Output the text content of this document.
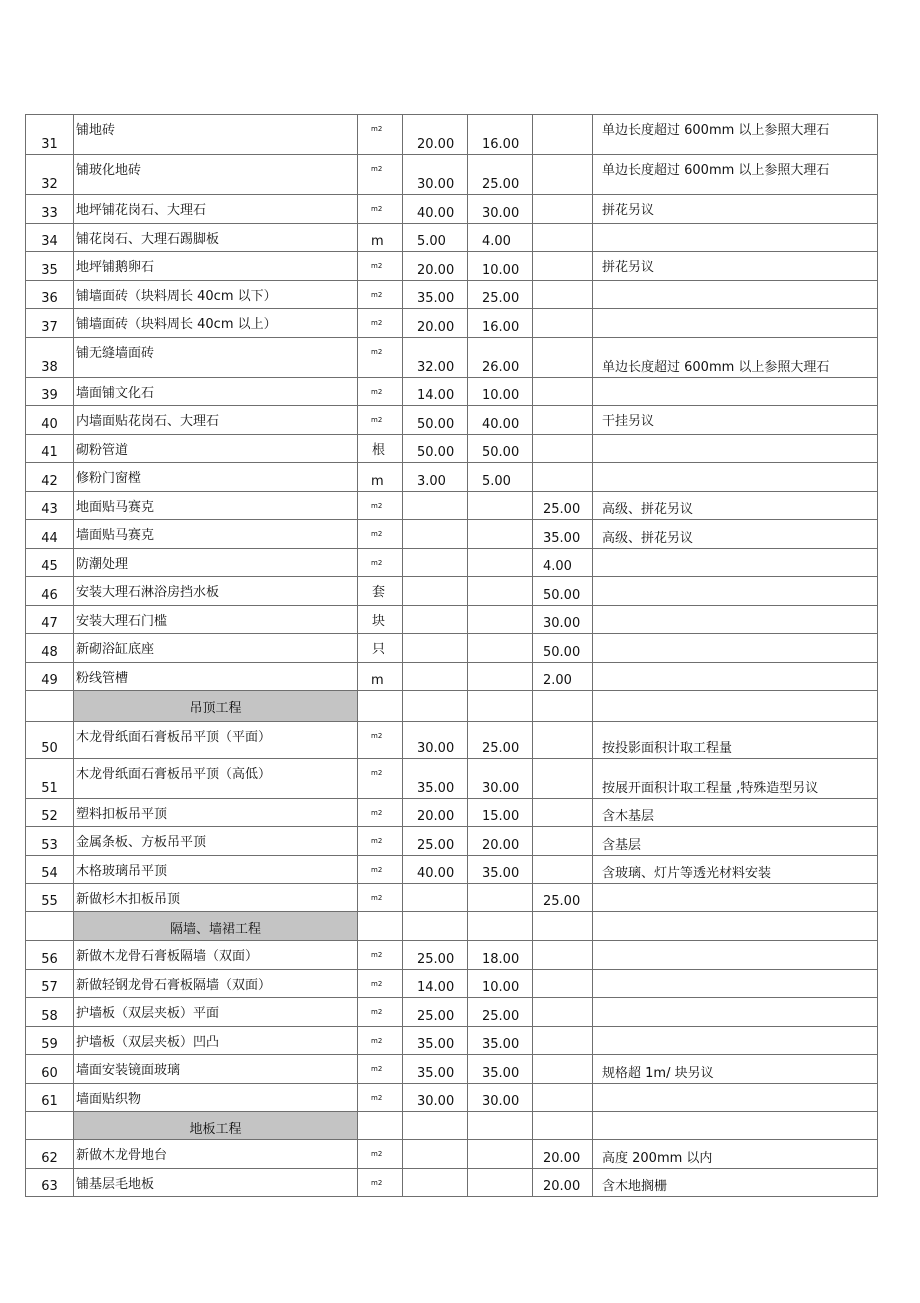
31	铺地砖	m2	20.00	16.00		单边长度超过 600mm 以上参照大理石

32	铺玻化地砖	m2	30.00	25.00		单边长度超过 600mm 以上参照大理石

33	地坪铺花岗石、大理石	m2	40.00	30.00		拼花另议

34	铺花岗石、大理石踢脚板	m	5.00	4.00		

35	地坪铺鹅卵石	m2	20.00	10.00		拼花另议

36	铺墙面砖（块料周长 40cm 以下）	m2	35.00	25.00		

37	铺墙面砖（块料周长 40cm 以上）	m2	20.00	16.00		

38	铺无缝墙面砖	m2	32.00	26.00		单边长度超过 600mm 以上参照大理石

39	墙面铺文化石	m2	14.00	10.00		

40	内墙面贴花岗石、大理石	m2	50.00	40.00		干挂另议

41	砌粉管道	根	50.00	50.00		

42	修粉门窗樘	m	3.00	5.00		

43	地面贴马赛克	m2			25.00	高级、拼花另议

44	墙面贴马赛克	m2			35.00	高级、拼花另议

45	防潮处理	m2			4.00	

46	安装大理石淋浴房挡水板	套			50.00	

47	安装大理石门槛	块			30.00	

48	新砌浴缸底座	只			50.00	

49	粉线管槽	m			2.00	

	吊顶工程					

50	木龙骨纸面石膏板吊平顶（平面）	m2	30.00	25.00		按投影面积计取工程量

51	木龙骨纸面石膏板吊平顶（高低）	m2	35.00	30.00		按展开面积计取工程量 ,特殊造型另议

52	塑料扣板吊平顶	m2	20.00	15.00		含木基层

53	金属条板、方板吊平顶	m2	25.00	20.00		含基层

54	木格玻璃吊平顶	m2	40.00	35.00		含玻璃、灯片等透光材料安装

55	新做杉木扣板吊顶	m2			25.00	

	隔墙、墙裙工程					

56	新做木龙骨石膏板隔墙（双面）	m2	25.00	18.00		

57	新做轻钢龙骨石膏板隔墙（双面）	m2	14.00	10.00		

58	护墙板（双层夹板）平面	m2	25.00	25.00		

59	护墙板（双层夹板）凹凸	m2	35.00	35.00		

60	墙面安装镜面玻璃	m2	35.00	35.00		规格超 1m/ 块另议

61	墙面贴织物	m2	30.00	30.00		

	地板工程					

62	新做木龙骨地台	m2			20.00	高度 200mm 以内

63	铺基层毛地板	m2			20.00	含木地搁栅
